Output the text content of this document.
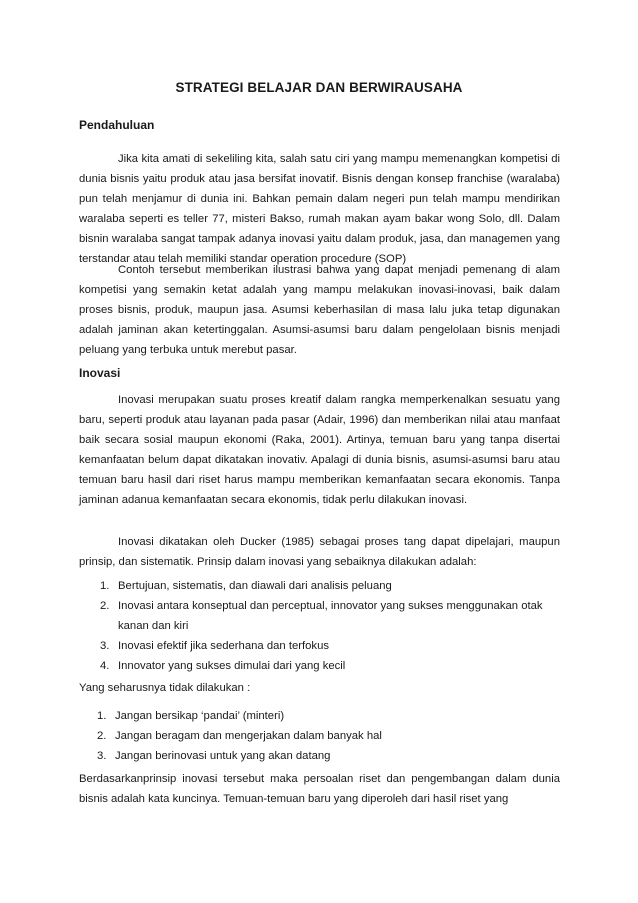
STRATEGI BELAJAR DAN BERWIRAUSAHA
Pendahuluan

Jika kita amati di sekeliling kita, salah satu ciri yang mampu memenangkan kompetisi di dunia bisnis yaitu produk atau jasa bersifat inovatif. Bisnis dengan konsep franchise (waralaba) pun telah menjamur di dunia ini. Bahkan pemain dalam negeri pun telah mampu mendirikan waralaba seperti es teller 77, misteri Bakso, rumah makan ayam bakar wong Solo, dll. Dalam bisnin waralaba sangat tampak adanya inovasi yaitu dalam produk, jasa, dan managemen yang terstandar atau telah memiliki standar operation procedure (SOP)

Contoh tersebut memberikan ilustrasi bahwa yang dapat menjadi pemenang di alam kompetisi yang semakin ketat adalah yang mampu melakukan inovasi-inovasi, baik dalam proses bisnis, produk, maupun jasa. Asumsi keberhasilan di masa lalu juka tetap digunakan adalah jaminan akan ketertinggalan. Asumsi-asumsi baru dalam pengelolaan bisnis menjadi peluang yang terbuka untuk merebut pasar.

Inovasi

Inovasi merupakan suatu proses kreatif dalam rangka memperkenalkan sesuatu yang baru, seperti produk atau layanan pada pasar (Adair, 1996) dan memberikan nilai atau manfaat baik secara sosial maupun ekonomi (Raka, 2001). Artinya, temuan baru yang tanpa disertai kemanfaatan belum dapat dikatakan inovativ. Apalagi di dunia bisnis, asumsi-asumsi baru atau temuan baru hasil dari riset harus mampu memberikan kemanfaatan secara ekonomis. Tanpa jaminan adanua kemanfaatan secara ekonomis, tidak perlu dilakukan inovasi.

Inovasi dikatakan oleh Ducker (1985) sebagai proses tang dapat dipelajari, maupun prinsip, dan sistematik. Prinsip dalam inovasi yang sebaiknya dilakukan adalah:

1. Bertujuan, sistematis, dan diawali dari analisis peluang
2. Inovasi antara konseptual dan perceptual, innovator yang sukses menggunakan otak kanan dan kiri
3. Inovasi efektif jika sederhana dan terfokus
4. Innovator yang sukses dimulai dari yang kecil

Yang seharusnya tidak dilakukan :

1. Jangan bersikap ‘pandai’ (minteri)
2. Jangan beragam dan mengerjakan dalam banyak hal
3. Jangan berinovasi untuk yang akan datang

Berdasarkanprinsip inovasi tersebut maka persoalan riset dan pengembangan dalam dunia bisnis adalah kata kuncinya. Temuan-temuan baru yang diperoleh dari hasil riset yang
